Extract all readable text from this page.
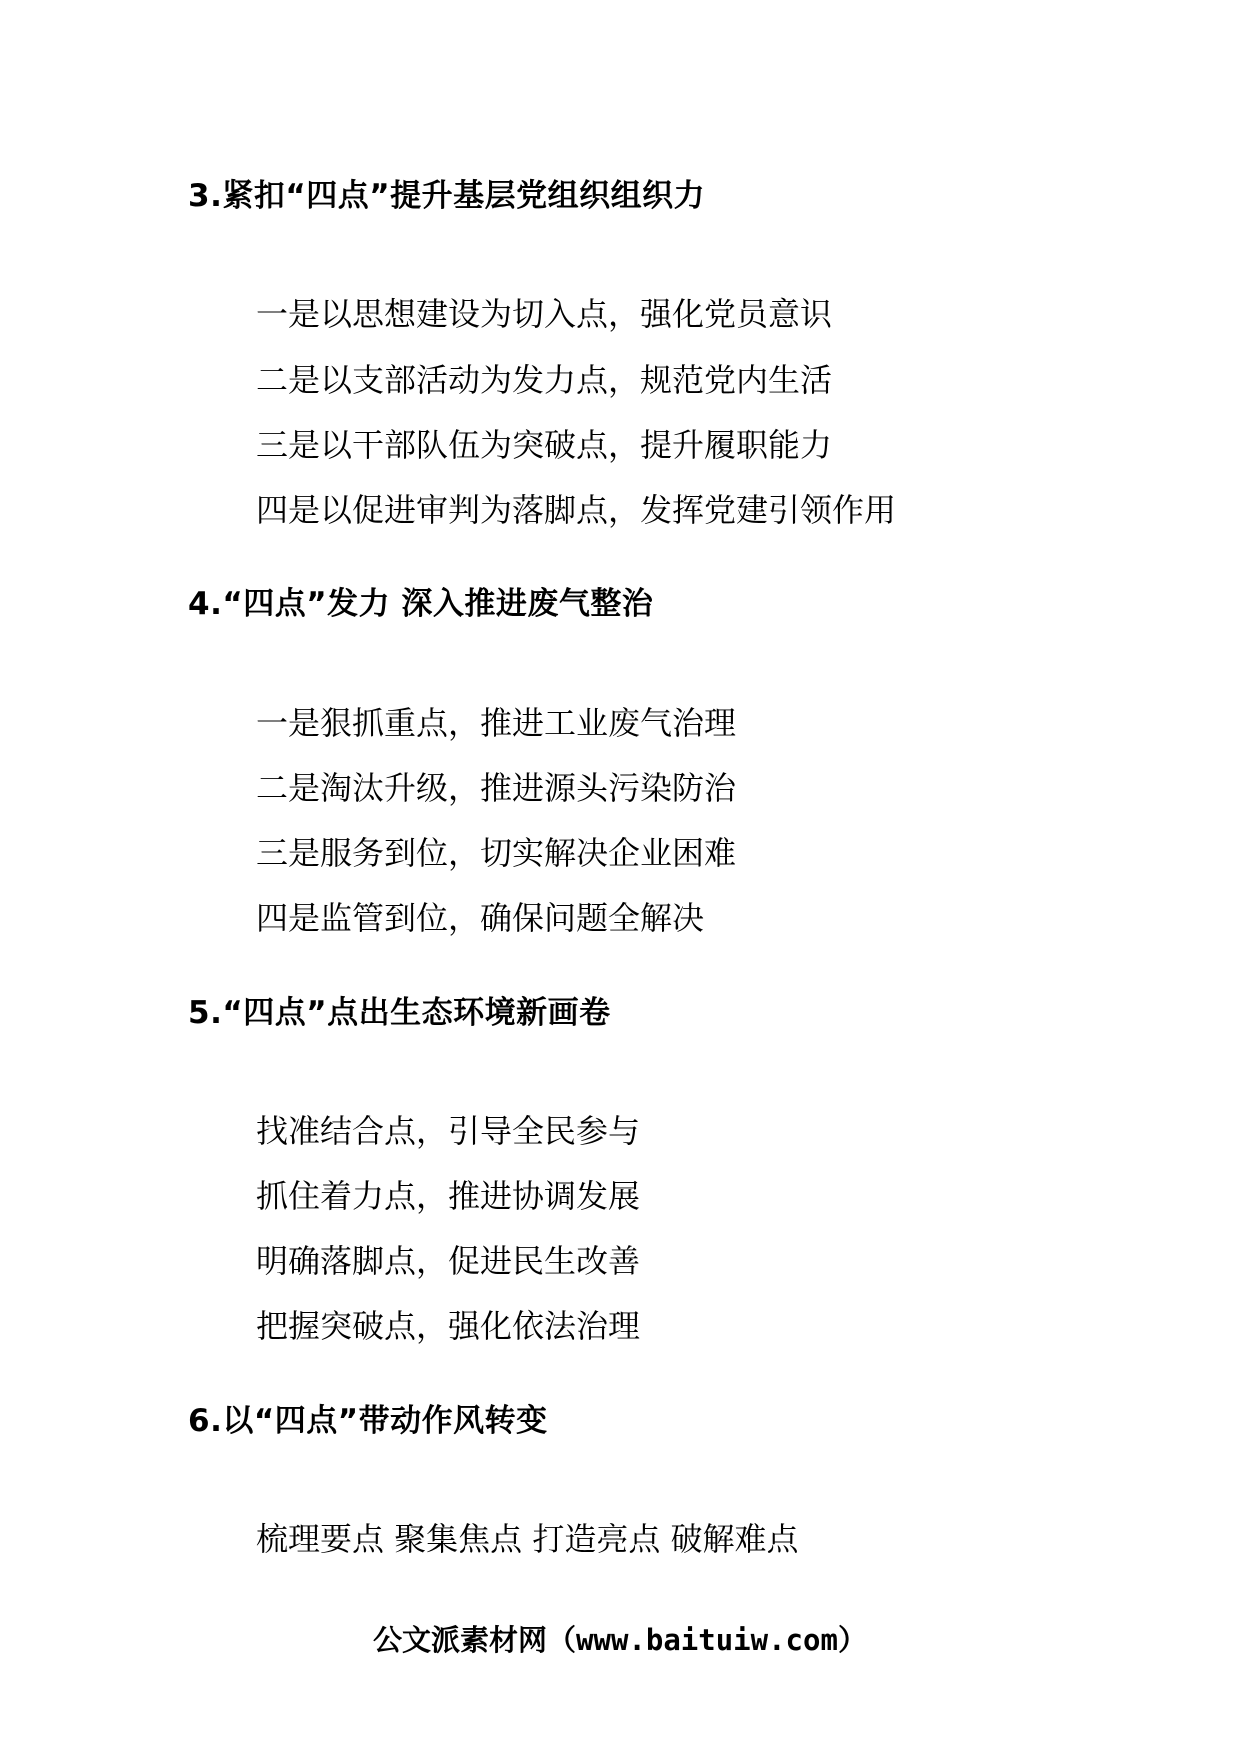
3.紧扣“四点”提升基层党组织组织力
一是以思想建设为切入点，强化党员意识
二是以支部活动为发力点，规范党内生活
三是以干部队伍为突破点，提升履职能力
四是以促进审判为落脚点，发挥党建引领作用
4.“四点”发力 深入推进废气整治
一是狠抓重点，推进工业废气治理
二是淘汰升级，推进源头污染防治
三是服务到位，切实解决企业困难
四是监管到位，确保问题全解决
5.“四点”点出生态环境新画卷
找准结合点，引导全民参与
抓住着力点，推进协调发展
明确落脚点，促进民生改善
把握突破点，强化依法治理
6.以“四点”带动作风转变
梳理要点 聚集焦点 打造亮点 破解难点
公文派素材网（www.baituiw.com）
